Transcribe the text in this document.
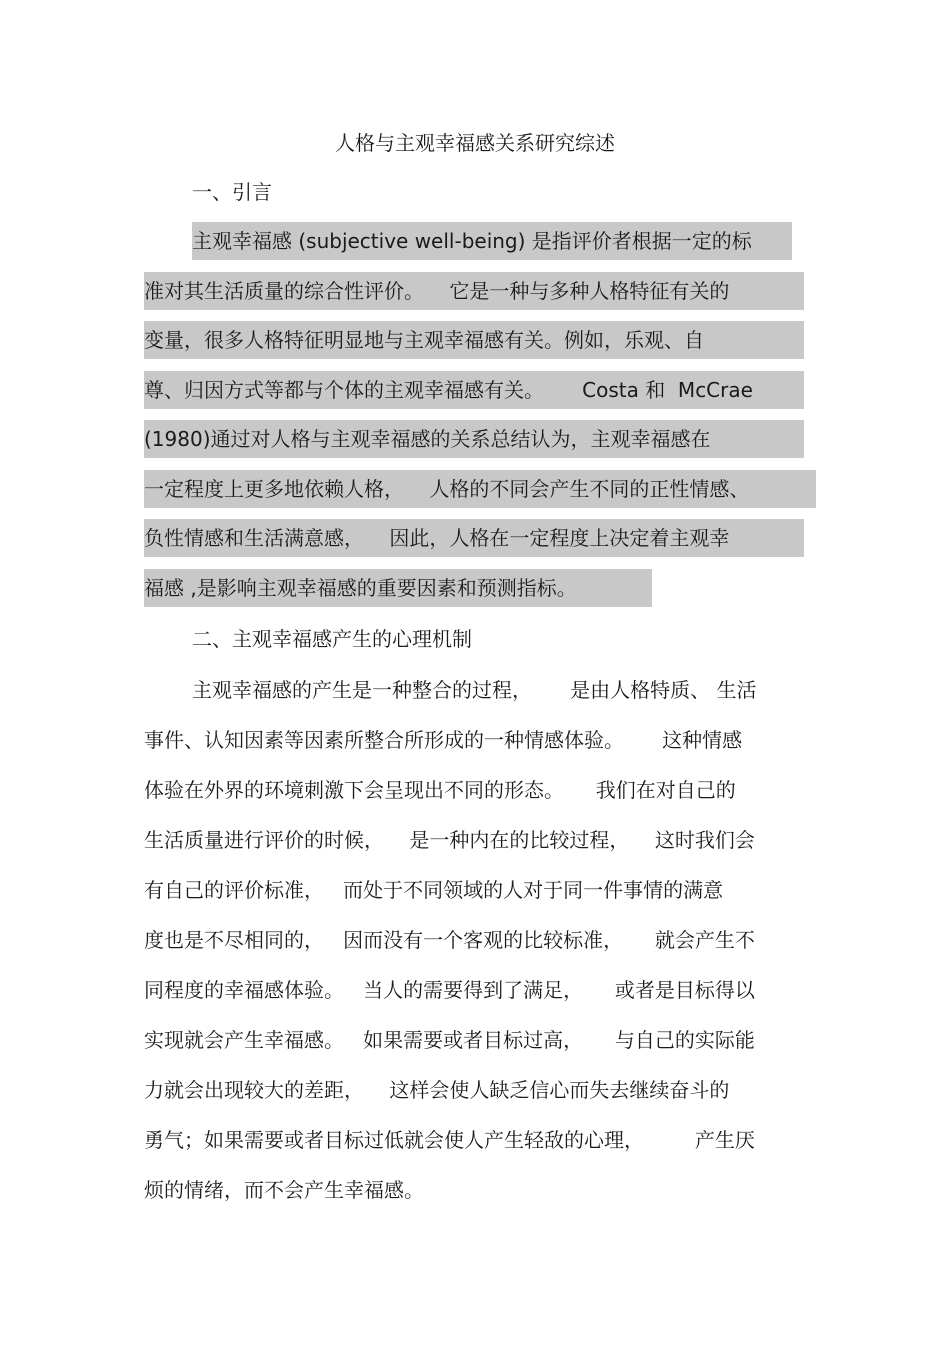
人格与主观幸福感关系研究综述
一、引言
主观幸福感 (subjective well-being) 是指评价者根据一定的标
准对其生活质量的综合性评价。    它是一种与多种人格特征有关的
变量，很多人格特征明显地与主观幸福感有关。例如，乐观、自
尊、归因方式等都与个体的主观幸福感有关。      Costa 和  McCrae
(1980)通过对人格与主观幸福感的关系总结认为，主观幸福感在
一定程度上更多地依赖人格，    人格的不同会产生不同的正性情感、
负性情感和生活满意感，    因此，人格在一定程度上决定着主观幸
福感 ,是影响主观幸福感的重要因素和预测指标。
二、主观幸福感产生的心理机制
主观幸福感的产生是一种整合的过程，      是由人格特质、 生活
事件、认知因素等因素所整合所形成的一种情感体验。      这种情感
体验在外界的环境刺激下会呈现出不同的形态。     我们在对自己的
生活质量进行评价的时候，    是一种内在的比较过程，    这时我们会
有自己的评价标准，   而处于不同领域的人对于同一件事情的满意
度也是不尽相同的，   因而没有一个客观的比较标准，     就会产生不
同程度的幸福感体验。   当人的需要得到了满足，     或者是目标得以
实现就会产生幸福感。   如果需要或者目标过高，     与自己的实际能
力就会出现较大的差距，    这样会使人缺乏信心而失去继续奋斗的
勇气；如果需要或者目标过低就会使人产生轻敌的心理，        产生厌
烦的情绪，而不会产生幸福感。
